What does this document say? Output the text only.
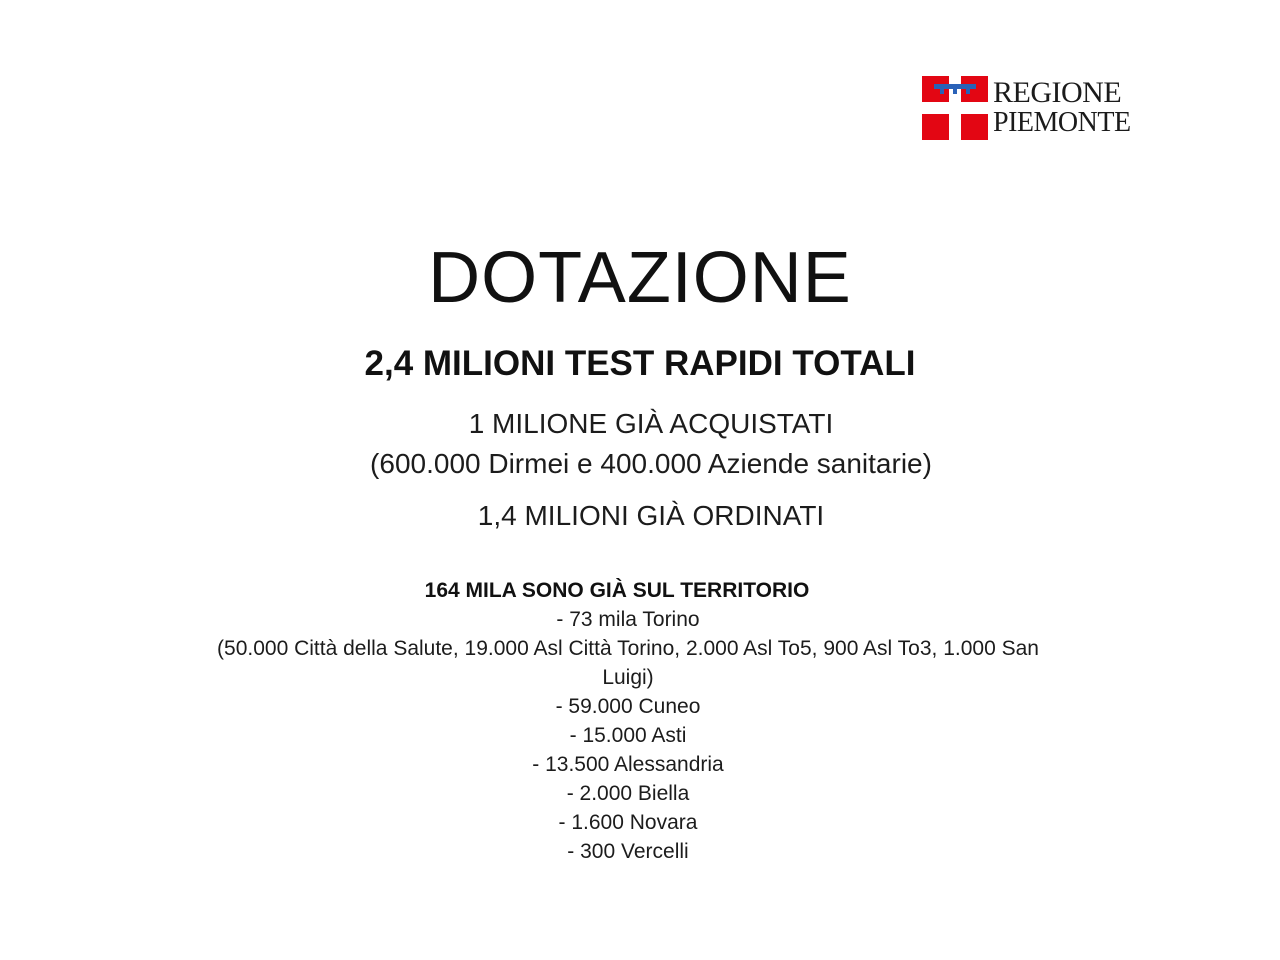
REGIONE
PIEMONTE
DOTAZIONE
2,4 MILIONI TEST RAPIDI TOTALI

1 MILIONE GIÀ ACQUISTATI

(600.000 Dirmei e 400.000 Aziende sanitarie)

1,4 MILIONI GIÀ ORDINATI

164 MILA SONO GIÀ SUL TERRITORIO
- 73 mila Torino
(50.000 Città della Salute, 19.000 Asl Città Torino, 2.000 Asl To5, 900 Asl To3, 1.000 San
Luigi)
- 59.000 Cuneo
- 15.000 Asti
- 13.500 Alessandria
- 2.000 Biella
- 1.600 Novara
- 300 Vercelli
